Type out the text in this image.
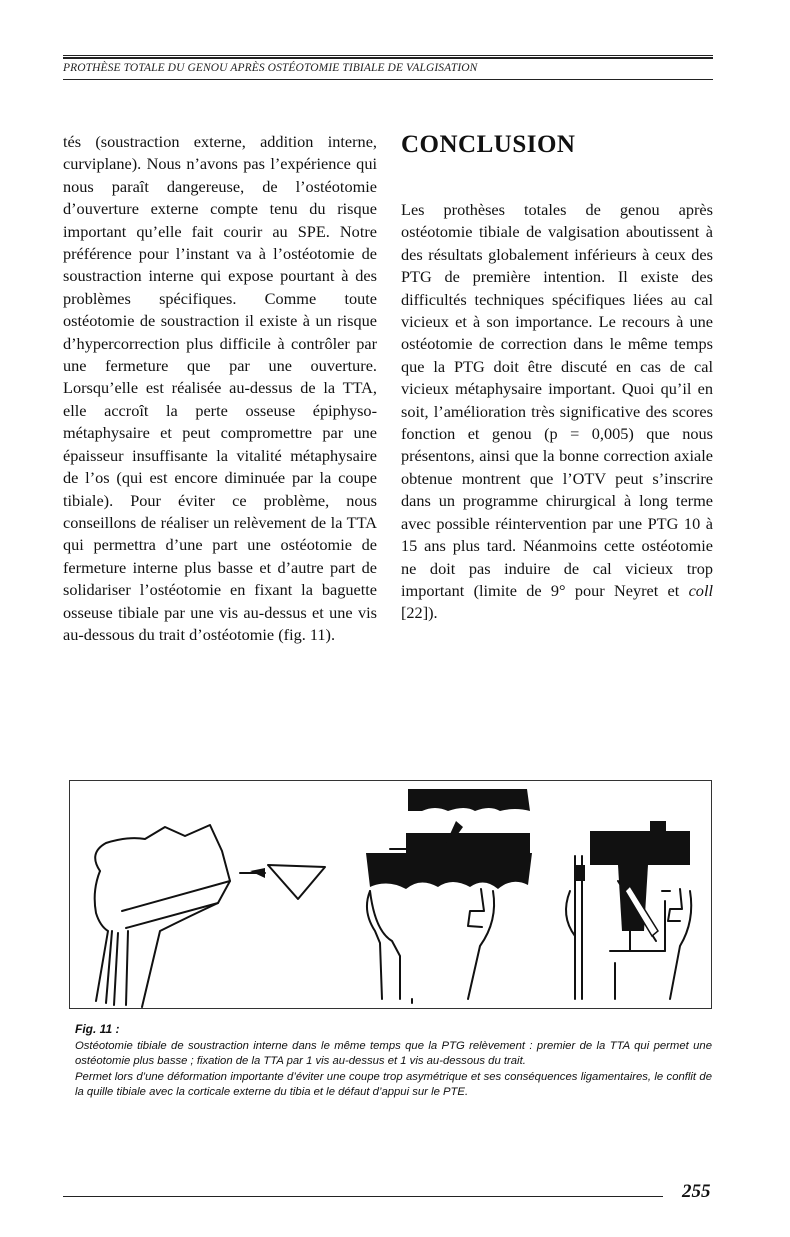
PROTHÈSE TOTALE DU GENOU APRÈS OSTÉOTOMIE TIBIALE DE VALGISATION

tés (soustraction externe, addition interne, curviplane). Nous n’avons pas l’expérience qui nous paraît dangereuse, de l’ostéotomie d’ouverture externe compte tenu du risque important qu’elle fait courir au SPE. Notre préférence pour l’instant va à l’ostéotomie de soustraction interne qui expose pourtant à des problèmes spécifiques. Comme toute ostéotomie de soustraction il existe à un risque d’hypercorrection plus difficile à contrôler par une fermeture que par une ouverture. Lorsqu’elle est réalisée au-dessus de la TTA, elle accroît la perte osseuse épiphyso-métaphysaire et peut compromettre par une épaisseur insuffisante la vitalité métaphysaire de l’os (qui est encore diminuée par la coupe tibiale). Pour éviter ce problème, nous conseillons de réaliser un relèvement de la TTA qui permettra d’une part une ostéotomie de fermeture interne plus basse et d’autre part de solidariser l’ostéotomie en fixant la baguette osseuse tibiale par une vis au-dessus et une vis au-dessous du trait d’ostéotomie (fig. 11).

CONCLUSION

Les prothèses totales de genou après ostéotomie tibiale de valgisation aboutissent à des résultats globalement inférieurs à ceux des PTG de première intention. Il existe des difficultés techniques spécifiques liées au cal vicieux et à son importance. Le recours à une ostéotomie de correction dans le même temps que la PTG doit être discuté en cas de cal vicieux métaphysaire important. Quoi qu’il en soit, l’amélioration très significative des scores fonction et genou (p = 0,005) que nous présentons, ainsi que la bonne correction axiale obtenue montrent que l’OTV peut s’inscrire dans un programme chirurgical à long terme avec possible réintervention par une PTG 10 à 15 ans plus tard. Néanmoins cette ostéotomie ne doit pas induire de cal vicieux trop important (limite de 9° pour Neyret et coll [22]).

Fig. 11 :

Ostéotomie tibiale de soustraction interne dans le même temps que la PTG relèvement : premier de la TTA qui permet une ostéotomie plus basse ; fixation de la TTA par 1 vis au-dessus et 1 vis au-dessous du trait.

Permet lors d’une déformation importante d’éviter une coupe trop asymétrique et ses conséquences ligamentaires, le conflit de la quille tibiale avec la corticale externe du tibia et le défaut d’appui sur le PTE.

255
